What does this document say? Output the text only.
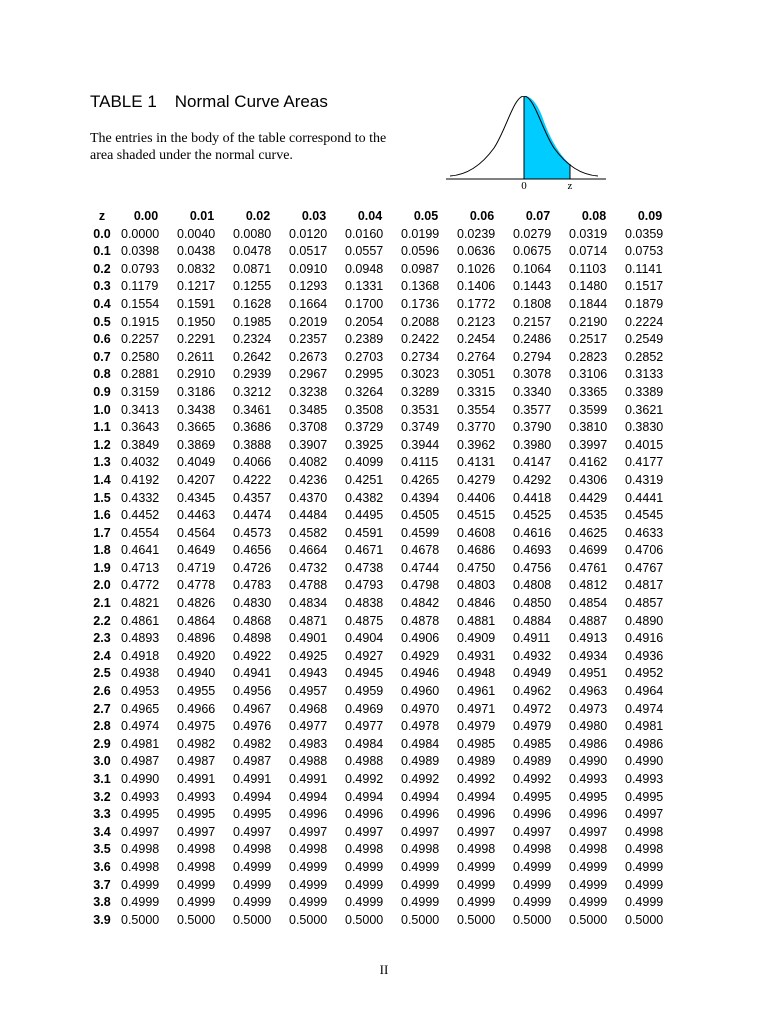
TABLE 1 Normal Curve Areas
The entries in the body of the table correspond to the area shaded under the normal curve.
0	z
z	0.00	0.01	0.02	0.03	0.04	0.05	0.06	0.07	0.08	0.09
0.0	0.0000	0.0040	0.0080	0.0120	0.0160	0.0199	0.0239	0.0279	0.0319	0.0359
0.1	0.0398	0.0438	0.0478	0.0517	0.0557	0.0596	0.0636	0.0675	0.0714	0.0753
0.2	0.0793	0.0832	0.0871	0.0910	0.0948	0.0987	0.1026	0.1064	0.1103	0.1141
0.3	0.1179	0.1217	0.1255	0.1293	0.1331	0.1368	0.1406	0.1443	0.1480	0.1517
0.4	0.1554	0.1591	0.1628	0.1664	0.1700	0.1736	0.1772	0.1808	0.1844	0.1879
0.5	0.1915	0.1950	0.1985	0.2019	0.2054	0.2088	0.2123	0.2157	0.2190	0.2224
0.6	0.2257	0.2291	0.2324	0.2357	0.2389	0.2422	0.2454	0.2486	0.2517	0.2549
0.7	0.2580	0.2611	0.2642	0.2673	0.2703	0.2734	0.2764	0.2794	0.2823	0.2852
0.8	0.2881	0.2910	0.2939	0.2967	0.2995	0.3023	0.3051	0.3078	0.3106	0.3133
0.9	0.3159	0.3186	0.3212	0.3238	0.3264	0.3289	0.3315	0.3340	0.3365	0.3389
1.0	0.3413	0.3438	0.3461	0.3485	0.3508	0.3531	0.3554	0.3577	0.3599	0.3621
1.1	0.3643	0.3665	0.3686	0.3708	0.3729	0.3749	0.3770	0.3790	0.3810	0.3830
1.2	0.3849	0.3869	0.3888	0.3907	0.3925	0.3944	0.3962	0.3980	0.3997	0.4015
1.3	0.4032	0.4049	0.4066	0.4082	0.4099	0.4115	0.4131	0.4147	0.4162	0.4177
1.4	0.4192	0.4207	0.4222	0.4236	0.4251	0.4265	0.4279	0.4292	0.4306	0.4319
1.5	0.4332	0.4345	0.4357	0.4370	0.4382	0.4394	0.4406	0.4418	0.4429	0.4441
1.6	0.4452	0.4463	0.4474	0.4484	0.4495	0.4505	0.4515	0.4525	0.4535	0.4545
1.7	0.4554	0.4564	0.4573	0.4582	0.4591	0.4599	0.4608	0.4616	0.4625	0.4633
1.8	0.4641	0.4649	0.4656	0.4664	0.4671	0.4678	0.4686	0.4693	0.4699	0.4706
1.9	0.4713	0.4719	0.4726	0.4732	0.4738	0.4744	0.4750	0.4756	0.4761	0.4767
2.0	0.4772	0.4778	0.4783	0.4788	0.4793	0.4798	0.4803	0.4808	0.4812	0.4817
2.1	0.4821	0.4826	0.4830	0.4834	0.4838	0.4842	0.4846	0.4850	0.4854	0.4857
2.2	0.4861	0.4864	0.4868	0.4871	0.4875	0.4878	0.4881	0.4884	0.4887	0.4890
2.3	0.4893	0.4896	0.4898	0.4901	0.4904	0.4906	0.4909	0.4911	0.4913	0.4916
2.4	0.4918	0.4920	0.4922	0.4925	0.4927	0.4929	0.4931	0.4932	0.4934	0.4936
2.5	0.4938	0.4940	0.4941	0.4943	0.4945	0.4946	0.4948	0.4949	0.4951	0.4952
2.6	0.4953	0.4955	0.4956	0.4957	0.4959	0.4960	0.4961	0.4962	0.4963	0.4964
2.7	0.4965	0.4966	0.4967	0.4968	0.4969	0.4970	0.4971	0.4972	0.4973	0.4974
2.8	0.4974	0.4975	0.4976	0.4977	0.4977	0.4978	0.4979	0.4979	0.4980	0.4981
2.9	0.4981	0.4982	0.4982	0.4983	0.4984	0.4984	0.4985	0.4985	0.4986	0.4986
3.0	0.4987	0.4987	0.4987	0.4988	0.4988	0.4989	0.4989	0.4989	0.4990	0.4990
3.1	0.4990	0.4991	0.4991	0.4991	0.4992	0.4992	0.4992	0.4992	0.4993	0.4993
3.2	0.4993	0.4993	0.4994	0.4994	0.4994	0.4994	0.4994	0.4995	0.4995	0.4995
3.3	0.4995	0.4995	0.4995	0.4996	0.4996	0.4996	0.4996	0.4996	0.4996	0.4997
3.4	0.4997	0.4997	0.4997	0.4997	0.4997	0.4997	0.4997	0.4997	0.4997	0.4998
3.5	0.4998	0.4998	0.4998	0.4998	0.4998	0.4998	0.4998	0.4998	0.4998	0.4998
3.6	0.4998	0.4998	0.4999	0.4999	0.4999	0.4999	0.4999	0.4999	0.4999	0.4999
3.7	0.4999	0.4999	0.4999	0.4999	0.4999	0.4999	0.4999	0.4999	0.4999	0.4999
3.8	0.4999	0.4999	0.4999	0.4999	0.4999	0.4999	0.4999	0.4999	0.4999	0.4999
3.9	0.5000	0.5000	0.5000	0.5000	0.5000	0.5000	0.5000	0.5000	0.5000	0.5000
II
